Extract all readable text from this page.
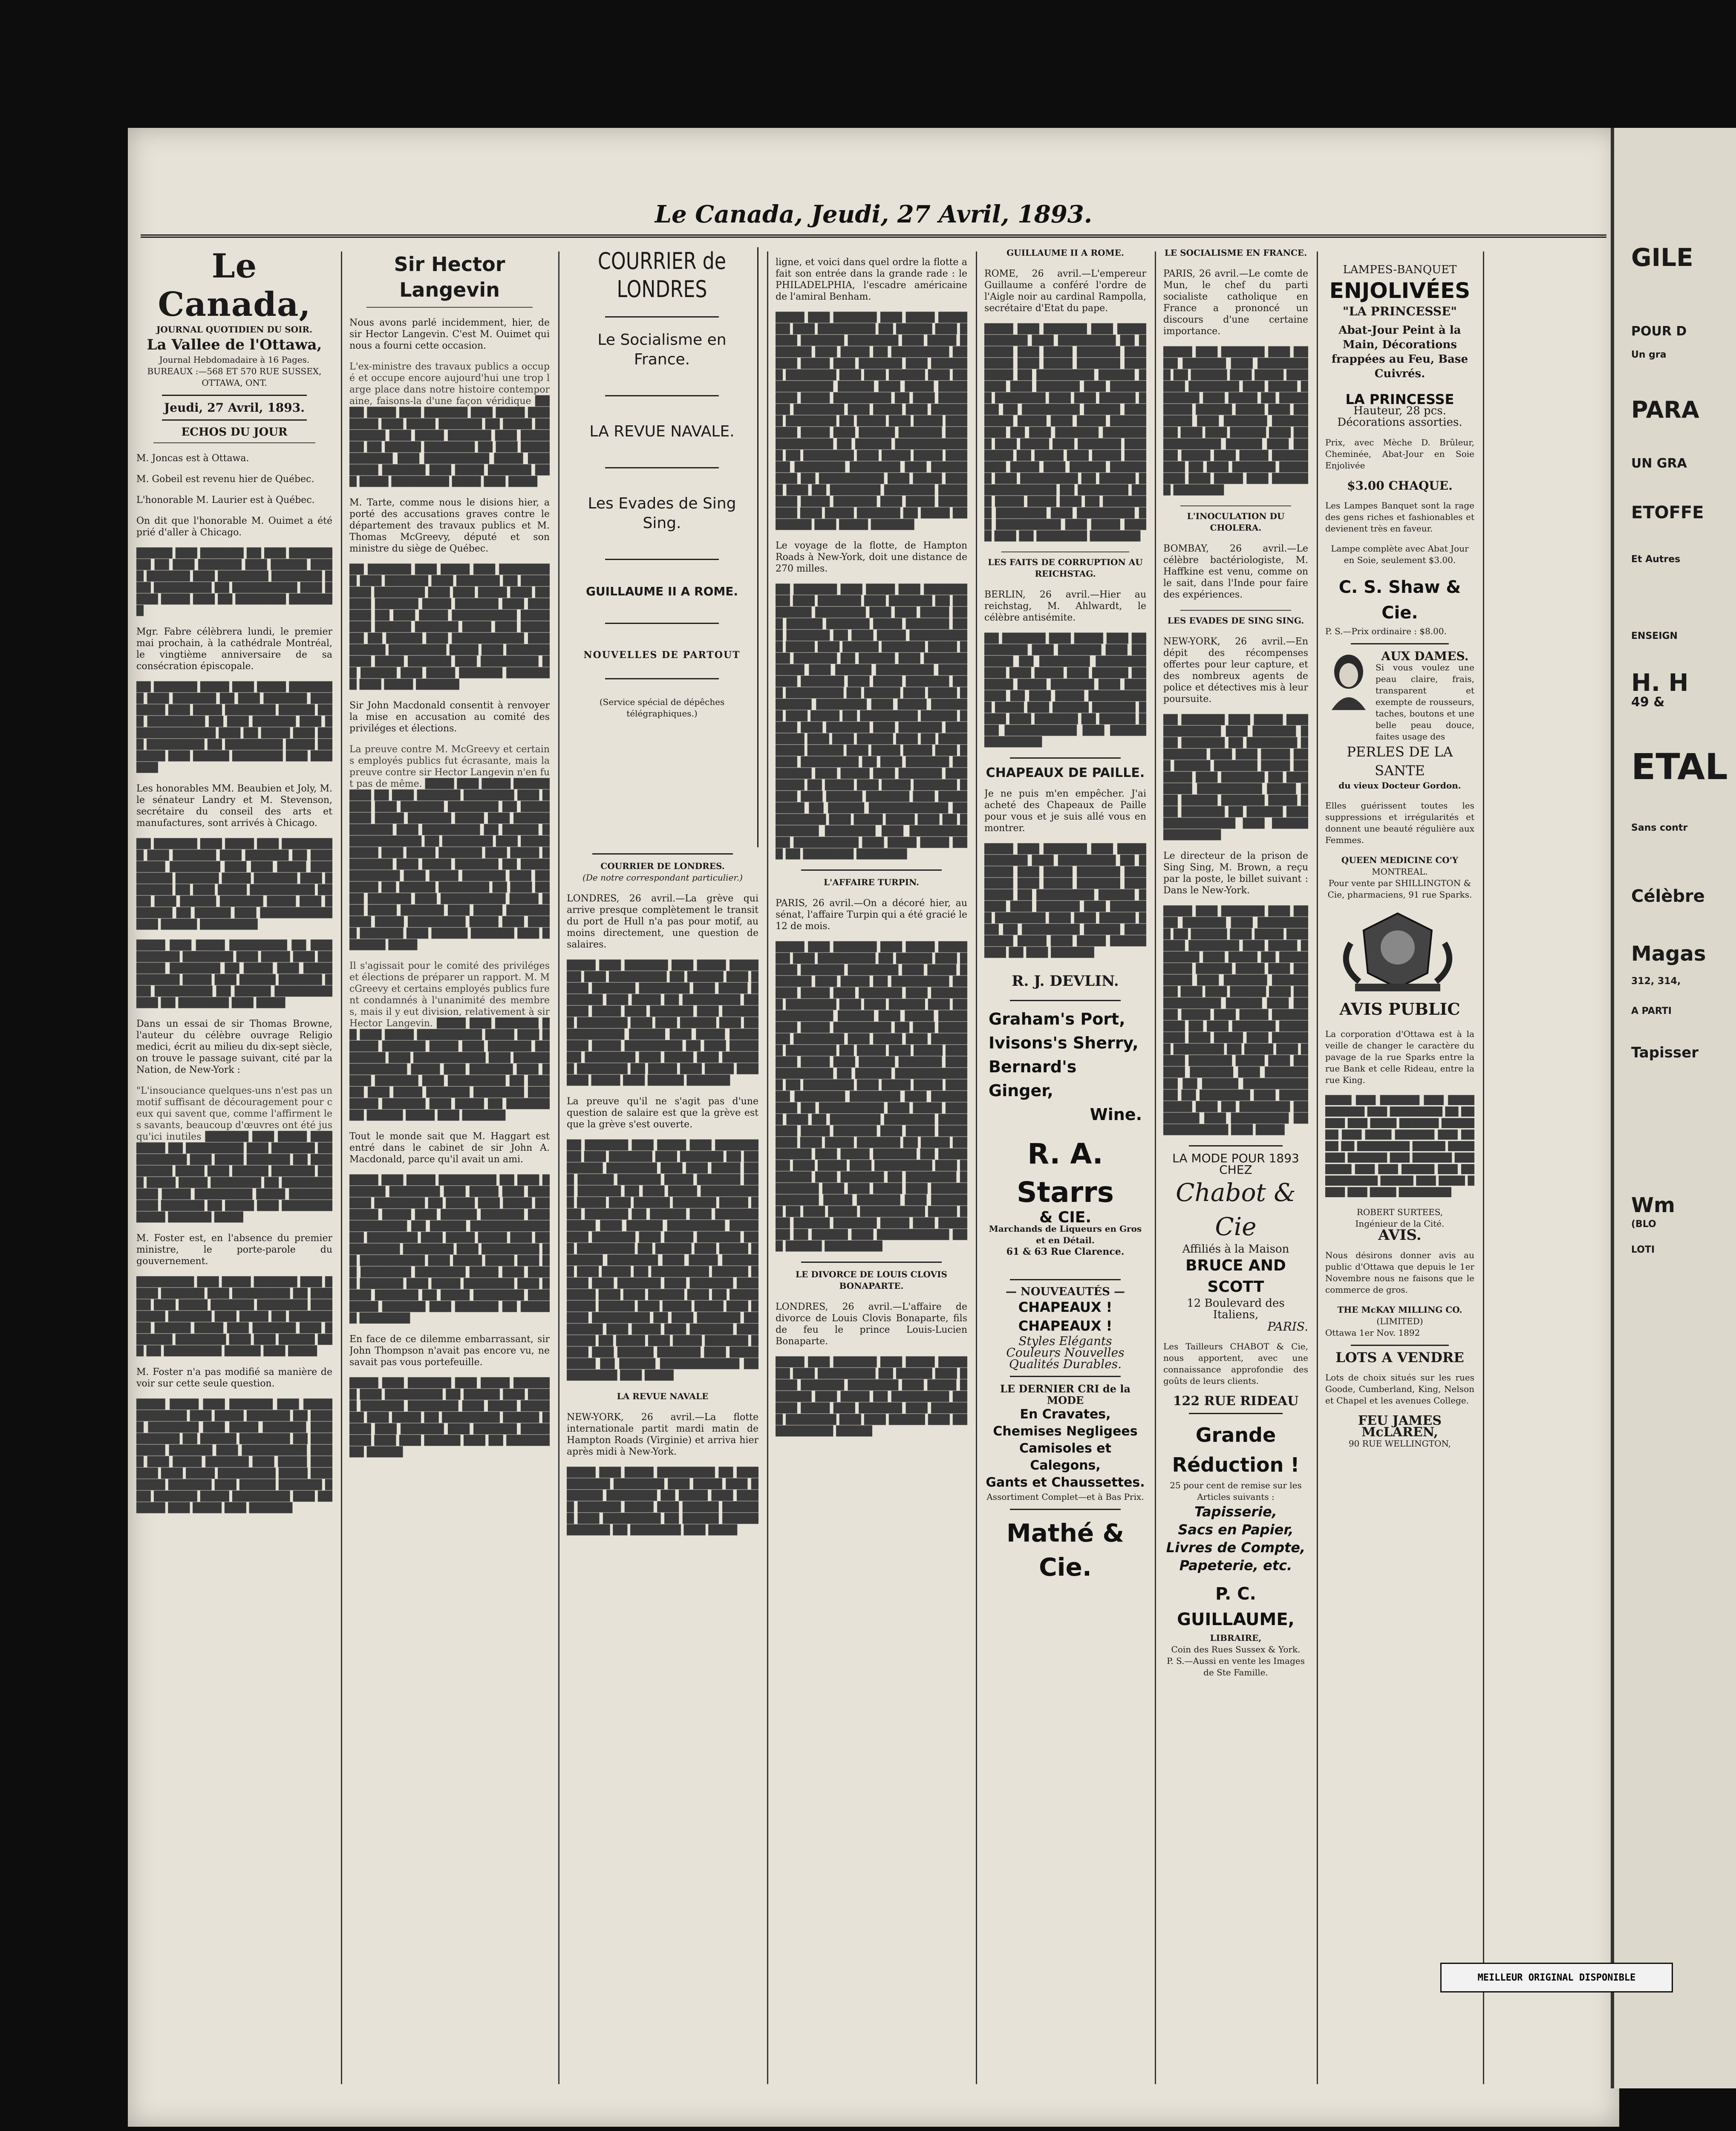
Le Canada, Jeudi, 27 Avril, 1893.
Le Canada,
JOURNAL QUOTIDIEN DU SOIR.
La Vallee de l'Ottawa,
Journal Hebdomadaire à 16 Pages.
BUREAUX :—568 ET 570 RUE SUSSEX,
OTTAWA, ONT.
Jeudi, 27 Avril, 1893.
ECHOS DU JOUR

M. Joncas est à Ottawa.

M. Gobeil est revenu hier de Québec.

L'honorable M. Laurier est à Québec.

On dit que l'honorable M. Ouimet a été prié d'aller à Chicago.

█████ ███ ██████ ██ ███ ████████ ██ ███ ██████ ███ █████ ████ ██████ ███ ███████ ███████ ███ ████████ ██ █████████ ███ ████ ████ ███ ██ ███████ ███████

Mgr. Fabre célèbrera lundi, le premier mai prochain, à la cathédrale Montréal, le vingtième anniversaire de sa consécration épiscopale.

██ ██████ ████ ███ ████ ███████ ███ ██████ ██ ███ ██████ ███████ ███ ████ ███████ █████ ███ ████████ ██ ███ ██████ ███ ████████████ ███ ██ ████ ███ ███ ████████ ██ ████████ ████ ██████ ███ █████ ███████ ███ ██████

Les honorables MM. Beaubien et Joly, M. le sénateur Landry et M. Stevenson, secrétaire du conseil des arts et manufactures, sont arrivés à Chicago.

██ ██████ ███ ████ ███ ████████ ███ ██████ ███ ██████ ██ ███████ ███████ ███ ███ ████ ███ █████ ██████ ████ ██████ ███ ██████ ██ ███ ████ █████████ ████ ███ █████ ██████ ████ ███ ██████ ██ █████ ███ ██████████ ███ █████ ████████

████ ███ ████ ████████ ██ ███ ██████ ███████ ███ ████ ███ ██████ ███████ ██ ████ ███ ████ ██████ ████ ███ █████ ██████ ███ ████████ ██ █████ ███████████ ██ ███████ ███ ████

Dans un essai de sir Thomas Browne, l'auteur du célèbre ouvrage Religio medici, écrit au milieu du dix-sept siècle, on trouve le passage suivant, cité par la Nation, de New-York :

"L'insouciance quelques-uns n'est pas un motif suffisant de découragement pour ceux qui savent que, comme l'affirment les savants, beaucoup d'œuvres ont été jusqu'ici inutiles ██████ ███ ████ ███████ ██ ████████ ███ ██████ ██ ███████ ███ ████ ██████ ██ ████████ ████ ███ █████ ██████ ███ ████ ████ ███████ ██ ███████ ███ ████ ████████ ████ ██████ ███ ██████ ██ ████ ███ ███████ ████ ██████ ████

M. Foster est, en l'absence du premier ministre, le porte-parole du gouvernement.

████████ ███ ████ ██████ ███ ████ ██████ ███ ████████ ██ █████ ███ ████ ██████ ███████ ███ ████ ██████ ███ ████ ██ ████████ █████ ████ ███ ██████ ███ ██████ ███████ ███ ███ █████ ███ ██ ████████ █████ ███ ████

M. Foster n'a pas modifié sa manière de voir sur cette seule question.

████ ████ ███ ██████ ███ ████ ███████ ███ ████ ██████ ██ ████ ███████ ███ ████ ██████ ███ ██████ ██ █████ ███████ ██ ███ ████ ██████ ███ █████████ ████ ███ ████ ██████ ███ ████ ██████ ███ ████ ████████ ████ ███ ████ ██████ ███ █████ ██████ ███ ██████ ████ ████████ ███ ██████ ███ ████ ███ ██████

Sir Hector Langevin

Nous avons parlé incidemment, hier, de sir Hector Langevin. C'est M. Ouimet qui nous a fourni cette occasion.

L'ex-ministre des travaux publics a occupé et occupe encore aujourd'hui une trop large place dans notre histoire contemporaine, faisons-la d'une façon véridique ████ ████ ███ ██████ ███ ████ ███████ ███ ████ ██████ ██ ████ ███████ ███ ████ ██████ ███ ██████ ██ █████ ███████ ██ ███ ████ ██████ ███ █████████ ████ ███ ████ ██████ ███ ████ ██████ ███ ████ ████████ ████ ███ ████

M. Tarte, comme nous le disions hier, a porté des accusations graves contre le département des travaux publics et M. Thomas McGreevy, député et son ministre du siège de Québec.

██ ██████ ███ ████ ███ ████████ ███ ██████ ███ ██████ ██ ███████ ███████ ███ ███ ████ ███ █████ ██████ ████ ██████ ███ ██████ ██ ███ ████ █████████ ████ ███ █████ ██████ ████ ███ ██████ ██ █████ ███ ██████████ ███ █████ ████████ ████ ███ ██████ ███ ████ ██████ ███ ████████ ██ █████ ███ ████ ██████ ███████ ███ ████ ██████

Sir John Macdonald consentit à renvoyer la mise en accusation au comité des priviléges et élections.

La preuve contre M. McGreevy et certains employés publics fut écrasante, mais la preuve contre sir Hector Langevin n'en fut pas de même. ████ ███ ████ ████████ ██ ███ ██████ ███████ ███ ████ ███ ██████ ███████ ██ ████ ███ ████ ██████ ████ ███ █████ ██████ ███ ████████ ██ █████ ███████████ ██ ███████ ███ ████ ████ ███ ████ ██████ ███ ████ ███████ ███ ████ ██████ ██ ████ ███████ ███ ████ ██████ ███ ██████ ██ █████ ███████ ██ ███ ████ ██████ ███ █████████ ████ ███ ████ ██████ ███ ████ ██████ ███ ████ ████████ ████ ███ ████ ██████ ███ █████ ██████ ███ ██████ ████

Il s'agissait pour le comité des priviléges et élections de préparer un rapport. M. McGreevy et certains employés publics furent condamnés à l'unanimité des membres, mais il y eut division, relativement à sir Hector Langevin. ████ ███ ██████ ██ ███ ████ █████████ ████ ███ █████ ██████ ████ ███ ██████ ██ █████ ███ ██████████ ███ █████ ████████ ████ ███ ██████ ███ ████ ██████ ███ ████████ ██ █████ ███ ████ ██████ ███████ ███ ████ ██████ ███ ████ ██ ████████ █████ ████ ███ ██████

Tout le monde sait que M. Haggart est entré dans le cabinet de sir John A. Macdonald, parce qu'il avait un ami.

████ ███ ████ ████████ ██ ███ ██████ ███████ ███ ████ ███ ██████ ███████ ██ ████ ███ ████ ██████ ████ ███ █████ ██████ ███ ████████ ██ █████ ███████████ ██ ███████ ███ ████ ████ ███ ██ ███████ ███████ ███ ████████ ██ █████████ ███ ████ ████ ███ ██ ███████ ███████ ████ ███ ████ ██████ ███ ████ ███████ ███ ████ ██████ ██ ████ ███████ ███ ████ ██████ ███ ██████ ██ █████ ███████

En face de ce dilemme embarrassant, sir John Thompson n'avait pas encore vu, ne savait pas vous portefeuille.

████ ███ ██████ ███ ████ ██████ ███ ████████ ██ █████ ███ ████ ██████ ███████ ███ ████ ██████ ███ ████ ██ ████████ █████ ████ ███ ██████ ███ ██████ ███████ ███ ███ █████ ███ ██ ████████ █████

COURRIER de LONDRES
Le Socialisme en France.
LA REVUE NAVALE.
Les Evades de Sing Sing.
GUILLAUME II A ROME.
NOUVELLES DE PARTOUT
(Service spécial de dépêches télégraphiques.)
COURRIER DE LONDRES.
(De notre correspondant particulier.)

LONDRES, 26 avril.—La grève qui arrive presque complètement le transit du port de Hull n'a pas pour motif, au moins directement, une question de salaires.

████ ███ ██████ ███ ████ ██████ ███ ████████ ██ █████ ███ ████ ██████ ███████ ███ ████ ██████ ███ ████ ██ ████████ █████ ████ ███ ██████ ███ ██████ ███████ ███ ███ █████ ███ ██ ████████ █████ ███ ████ ████ ███ ████ ████████ ██ ███ ██████ ███████ ███ ████ ███ ██████ ███████ ██ ████ ███ ████ ██████ ████ ███ █████ ██████

La preuve qu'il ne s'agit pas d'une question de salaire est que la grève est que la grève s'est ouverte.

██ ██████ ███ ████ ███ ████████ ███ ██████ ███ ██████ ██ ███████ ███████ ███ ███ ████ ███ █████ ██████ ████ ██████ ███ ██████ ██ ███ ████ █████████ ████ ███ █████ ██████ ████ ███ ██████ ██ █████ ███ ██████████ ███ █████ ████████ ████ ███ ██████ ███ ████ ██████ ███ ████████ ██ █████ ███ ████ ██████ ███████ ███ ████ ██████ ███ ████ ██ ████████ █████ ████ ███ ██████ ███ ██████ ███████ ███ ███ █████ ███ ██ ████████ █████ ███ ████ ████ ███ ████ ████████ ██ ███ ██████ ███████ ███ ████ ███ ██████ ███████ ██ ████ ███ ████ ██████ ████ ███ █████ ██████ ███ ████████ ██ █████ ███████████ ██ ███████ ███ ████

LA REVUE NAVALE

NEW-YORK, 26 avril.—La flotte internationale partit mardi matin de Hampton Roads (Virginie) et arriva hier après midi à New-York.

████ ███ ████ ████████ ██ ███ ██████ ███████ ███ ████ ███ ██████ ███████ ██ ████ ███ ████ ██████ ████ ███ █████ ██████ ███ ████████ ██ █████ ███████████ ██ ███████ ███ ████

ligne, et voici dans quel ordre la flotte a fait son entrée dans la grande rade : le PHILADELPHIA, l'escadre américaine de l'amiral Benham.

████ ███ ██████ ███ ████ ██████ ███ ████████ ██ █████ ███ ████ ██████ ███████ ███ ████ ██████ ███ ████ ██ ████████ █████ ████ ███ ██████ ███ ██████ ███████ ███ ███ █████ ███ ██ ████████ █████ ███ ████ ████ ███ ████ ████████ ██ ███ ██████ ███████ ███ ████ ███ ██████ ███████ ██ ████ ███ ████ ██████ ████ ███ █████ ██████ ███ ████████ ██ █████ ███████████ ██ ███████ ███ ████ ████ ███ ██ ███████ ███████ ███ ████████ ██ █████████ ███ ████ ████ ███ ██ ███████ ███████ ████ ███ ████ ██████ ███ ████ ███████ ███ ████ ██████ ██ ████ ███████ ███ ████ ██████

Le voyage de la flotte, de Hampton Roads à New-York, doit une distance de 270 milles.

██ ██████ ███ ████ ███ ████████ ███ ██████ ███ ██████ ██ ███████ ███████ ███ ███ ████ ███ █████ ██████ ████ ██████ ███ ██████ ██ ███ ████ █████████ ████ ███ █████ ██████ ████ ███ ██████ ██ █████ ███ ██████████ ███ █████ ████████ ████ ███ ██████ ███ ████ ██████ ███ ████████ ██ █████ ███ ████ ██████ ███████ ███ ████ ██████ ███ ████ ██ ████████ █████ ████ ███ ██████ ███ ██████ ███████ ███ ███ █████ ███ ██ ████████ █████ ███ ████ ████ ███ ████ ████████ ██ ███ ██████ ███████ ███ ████ ███ ██████ ███████ ██ ████ ███ ████ ██████ ████ ███ █████ ██████ ███ ████████ ██ █████ ███████████ ██ ███████ ███ ████ ████ ███ ██ ███████ ███████ ███ ████████ ██ █████████ ███ ████ ████ ███ ██ ███████ ███████

L'AFFAIRE TURPIN.

PARIS, 26 avril.—On a décoré hier, au sénat, l'affaire Turpin qui a été gracié le 12 de mois.

████ ███ ██████ ███ ████ ██████ ███ ████████ ██ █████ ███ ████ ██████ ███████ ███ ████ ██████ ███ ████ ██ ████████ █████ ████ ███ ██████ ███ ██████ ███████ ███ ███ █████ ███ ██ ████████ █████ ███ ████ ████ ███ ████ ████████ ██ ███ ██████ ███████ ███ ████ ███ ██████ ███████ ██ ████ ███ ████ ██████ ████ ███ █████ ██████ ███ ████████ ██ █████ ███████████ ██ ███████ ███ ████ ████ ███ ██ ███████ ███████ ███ ████████ ██ █████████ ███ ████ ████ ███ ██ ███████ ███████ ████ ███ ████ ██████ ███ ████ ███████ ███ ████ ██████ ██ ████ ███████ ███ ████ ██████ ██ ██████ ███ ████ ███ ████████ ███ ██████ ███ ██████ ██ ███████ ███████ ███ ███ ████ ███ █████ ██████ ████ ██████ ███ ██████ ██ ███ ████ █████████ ████ ███ █████ ██████ ████ ███ ██████ ██ █████ ███ ██████████ ███ █████ ████████

LE DIVORCE DE LOUIS CLOVIS BONAPARTE.

LONDRES, 26 avril.—L'affaire de divorce de Louis Clovis Bonaparte, fils de feu le prince Louis-Lucien Bonaparte.

████ ███ ██████ ███ ████ ██████ ███ ████████ ██ █████ ███ ████ ██████ ███████ ███ ████ ██████ ███ ████ ██ ████████ █████ ████ ███ ██████ ███ ██████ ███████ ███ ███ █████ ███ ██ ████████ █████

GUILLAUME II A ROME.

ROME, 26 avril.—L'empereur Guillaume a conféré l'ordre de l'Aigle noir au cardinal Rampolla, secrétaire d'Etat du pape.

████ ███ ██████ ███ ████ ██████ ███ ████████ ██ █████ ███ ████ ██████ ███████ ███ ████ ██████ ███ ████ ██ ████████ █████ ████ ███ ██████ ███ ██████ ███████ ███ ███ █████ ███ ██ ████████ █████ ███ ████ ████ ███ ████ ████████ ██ ███ ██████ ███████ ███ ████ ███ ██████ ███████ ██ ████ ███ ████ ██████ ████ ███ █████ ██████ ███ ████████ ██ █████ ███████████ ██ ███████ ███ ████ ████ ███ ██ ███████ ███████ ███ ████████ ██ █████████ ███ ████ ████ ███ ██ ███████ ███████

LES FAITS DE CORRUPTION AU REICHSTAG.

BERLIN, 26 avril.—Hier au reichstag, M. Ahlwardt, le célèbre antisémite.

██ ██████ ███ ████ ███ ████████ ███ ██████ ███ ██████ ██ ███████ ███████ ███ ███ ████ ███ █████ ██████ ████ ██████ ███ ██████ ██ ███ ████ █████████ ████ ███ █████ ██████ ████ ███ ██████ ██ █████ ███ ██████████ ███ █████ ████████

CHAPEAUX DE PAILLE.

Je ne puis m'en empêcher. J'ai acheté des Chapeaux de Paille pour vous et je suis allé vous en montrer.

████ ███ ██████ ███ ████ ██████ ███ ████████ ██ █████ ███ ████ ██████ ███████ ███ ████ ██████ ███ ████ ██ ████████ █████ ████ ███ ██████ ███ ██████ ███████ ███ ███ █████ ███ ██ ████████ █████ ███ ████ ████ ███ ████ ████████ ██ ███ ██████

R. J. DEVLIN.
Graham's Port,
Ivisons's Sherry,
Bernard's Ginger,
Wine.
R. A. Starrs
& CIE.
Marchands de Liqueurs en Gros et en Détail.
61 & 63 Rue Clarence.
— NOUVEAUTÉS —
CHAPEAUX ! CHAPEAUX !
Styles Elégants
Couleurs Nouvelles
Qualités Durables.
LE DERNIER CRI de la MODE
En Cravates,
Chemises Negligees
Camisoles et Calegons,
Gants et Chaussettes.
Assortiment Complet—et à Bas Prix.
Mathé & Cie.
LE SOCIALISME EN FRANCE.

PARIS, 26 avril.—Le comte de Mun, le chef du parti socialiste catholique en France a prononcé un discours d'une certaine importance.

████ ███ ██████ ███ ████ ██████ ███ ████████ ██ █████ ███ ████ ██████ ███████ ███ ████ ██████ ███ ████ ██ ████████ █████ ████ ███ ██████ ███ ██████ ███████ ███ ███ █████ ███ ██ ████████ █████ ███ ████ ████ ███ ████ ████████ ██ ███ ██████ ███████ ███ ████ ███ ██████ ███████

L'INOCULATION DU CHOLERA.

BOMBAY, 26 avril.—Le célèbre bactériologiste, M. Haffkine est venu, comme on le sait, dans l'Inde pour faire des expériences.

LES EVADES DE SING SING.

NEW-YORK, 26 avril.—En dépit des récompenses offertes pour leur capture, et des nombreux agents de police et détectives mis à leur poursuite.

██ ██████ ███ ████ ███ ████████ ███ ██████ ███ ██████ ██ ███████ ███████ ███ ███ ████ ███ █████ ██████ ████ ██████ ███ ██████ ██ ███ ████ █████████ ████ ███ █████ ██████ ████ ███ ██████ ██ █████ ███ ██████████ ███ █████ ████████

Le directeur de la prison de Sing Sing, M. Brown, a reçu par la poste, le billet suivant : Dans le New-York.

████ ███ ██████ ███ ████ ██████ ███ ████████ ██ █████ ███ ████ ██████ ███████ ███ ████ ██████ ███ ████ ██ ████████ █████ ████ ███ ██████ ███ ██████ ███████ ███ ███ █████ ███ ██ ████████ █████ ███ ████ ████ ███ ████ ████████ ██ ███ ██████ ███████ ███ ████ ███ ██████ ███████ ██ ████ ███ ████ ██████ ████ ███ █████ ██████ ███ ████████ ██ █████ ███████████ ██ ███████ ███ ████ ████ ███ ██ ███████ ███████ ███ ████████ ██ █████████ ███ ████

LA MODE POUR 1893 CHEZ
Chabot & Cie
Affiliés à la Maison
BRUCE AND SCOTT
12 Boulevard des Italiens,
PARIS.

Les Tailleurs CHABOT & Cie, nous apportent, avec une connaissance approfondie des goûts de leurs clients.

122 RUE RIDEAU
Grande Réduction !
25 pour cent de remise sur les Articles suivants :
Tapisserie,
Sacs en Papier,
Livres de Compte,
Papeterie, etc.
P. C. GUILLAUME,
LIBRAIRE,
Coin des Rues Sussex & York.
P. S.—Aussi en vente les Images de Ste Famille.
LAMPES-BANQUET
ENJOLIVÉES
"LA PRINCESSE"
Abat-Jour Peint à la Main, Décorations frappées au Feu, Base Cuivrés.
LA PRINCESSE
Hauteur, 28 pcs.
Décorations assorties.

Prix, avec Mèche D. Brûleur, Cheminée, Abat-Jour en Soie Enjolivée

$3.00 CHAQUE.

Les Lampes Banquet sont la rage des gens riches et fashionables et devienent très en faveur.

Lampe complète avec Abat Jour en Soie, seulement $3.00.
C. S. Shaw & Cie.
P. S.—Prix ordinaire : $8.00.
AUX DAMES.
Si vous voulez une peau claire, frais, transparent et exempte de rousseurs, taches, boutons et une belle peau douce, faites usage des
PERLES DE LA SANTE
du vieux Docteur Gordon.

Elles guérissent toutes les suppressions et irrégularités et donnent une beauté régulière aux Femmes.

QUEEN MEDICINE CO'Y
MONTREAL.
Pour vente par SHILLINGTON & Cie, pharmaciens, 91 rue Sparks.
AVIS PUBLIC

La corporation d'Ottawa est à la veille de changer le caractère du pavage de la rue Sparks entre la rue Bank et celle Rideau, entre la rue King.

████ ███ ██████ ███ ████ ██████ ███ ████████ ██ █████ ███ ████ ██████ ███████ ███ ████ ██████ ███ ████ ██ ████████ █████ ████ ███ ██████ ███ ██████ ███████ ███ ███ █████ ███ ██ ████████ █████ ███ ████ ████ ███ ████ ████████

ROBERT SURTEES,
Ingénieur de la Cité.
AVIS.

Nous désirons donner avis au public d'Ottawa que depuis le 1er Novembre nous ne faisons que le commerce de gros.

THE McKAY MILLING CO.
(LIMITED)
Ottawa 1er Nov. 1892
LOTS A VENDRE

Lots de choix situés sur les rues Goode, Cumberland, King, Nelson et Chapel et les avenues College.

FEU JAMES McLAREN,
90 RUE WELLINGTON,
GILE
POUR D
Un gra
PARA
UN GRA
ETOFFE
Et Autres
ENSEIGN
H. H
49 &
ETAL
Sans contr
Célèbre
Magas
312, 314,
A PARTI
Tapisser
Wm
(BLO
LOTI
MEILLEUR ORIGINAL DISPONIBLE
